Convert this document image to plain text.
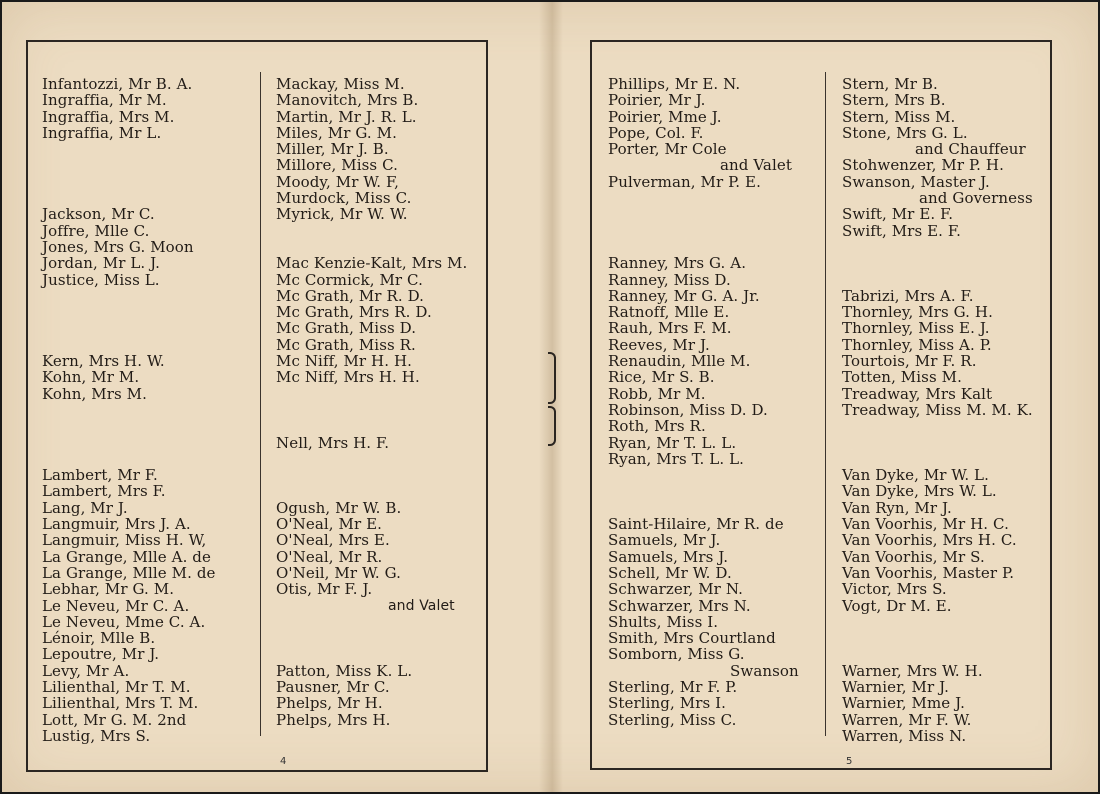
Infantozzi, Mr B. A.
Ingraffia, Mr M.
Ingraffia, Mrs M.
Ingraffia, Mr L.
Jackson, Mr C.
Joffre, Mlle C.
Jones, Mrs G. Moon
Jordan, Mr L. J.
Justice, Miss L.
Kern, Mrs H. W.
Kohn, Mr M.
Kohn, Mrs M.
Lambert, Mr F.
Lambert, Mrs F.
Lang, Mr J.
Langmuir, Mrs J. A.
Langmuir, Miss H. W,
La Grange, Mlle A. de
La Grange, Mlle M. de
Lebhar, Mr G. M.
Le Neveu, Mr C. A.
Le Neveu, Mme C. A.
Lénoir, Mlle B.
Lepoutre, Mr J.
Levy, Mr A.
Lilienthal, Mr T. M.
Lilienthal, Mrs T. M.
Lott, Mr G. M. 2nd
Lustig, Mrs S.
Mackay, Miss M.
Manovitch, Mrs B.
Martin, Mr J. R. L.
Miles, Mr G. M.
Miller, Mr J. B.
Millore, Miss C.
Moody, Mr W. F,
Murdock, Miss C.
Myrick, Mr W. W.
Mac Kenzie-Kalt, Mrs M.
Mc Cormick, Mr C.
Mc Grath, Mr R. D.
Mc Grath, Mrs R. D.
Mc Grath, Miss D.
Mc Grath, Miss R.
Mc Niff, Mr H. H.
Mc Niff, Mrs H. H.
Nell, Mrs H. F.
Ogush, Mr W. B.
O'Neal, Mr E.
O'Neal, Mrs E.
O'Neal, Mr R.
O'Neil, Mr W. G.
Otis, Mr F. J.
and Valet
Patton, Miss K. L.
Pausner, Mr C.
Phelps, Mr H.
Phelps, Mrs H.
4
Phillips, Mr E. N.
Poirier, Mr J.
Poirier, Mme J.
Pope, Col. F.
Porter, Mr Cole
and Valet
Pulverman, Mr P. E.
Ranney, Mrs G. A.
Ranney, Miss D.
Ranney, Mr G. A. Jr.
Ratnoff, Mlle E.
Rauh, Mrs F. M.
Reeves, Mr J.
Renaudin, Mlle M.
Rice, Mr S. B.
Robb, Mr M.
Robinson, Miss D. D.
Roth, Mrs R.
Ryan, Mr T. L. L.
Ryan, Mrs T. L. L.
Saint-Hilaire, Mr R. de
Samuels, Mr J.
Samuels, Mrs J.
Schell, Mr W. D.
Schwarzer, Mr N.
Schwarzer, Mrs N.
Shults, Miss I.
Smith, Mrs Courtland
Somborn, Miss G.
Swanson
Sterling, Mr F. P.
Sterling, Mrs I.
Sterling, Miss C.
Stern, Mr B.
Stern, Mrs B.
Stern, Miss M.
Stone, Mrs G. L.
and Chauffeur
Stohwenzer, Mr P. H.
Swanson, Master J.
and Governess
Swift, Mr E. F.
Swift, Mrs E. F.
Tabrizi, Mrs A. F.
Thornley, Mrs G. H.
Thornley, Miss E. J.
Thornley, Miss A. P.
Tourtois, Mr F. R.
Totten, Miss M.
Treadway, Mrs Kalt
Treadway, Miss M. M. K.
Van Dyke, Mr W. L.
Van Dyke, Mrs W. L.
Van Ryn, Mr J.
Van Voorhis, Mr H. C.
Van Voorhis, Mrs H. C.
Van Voorhis, Mr S.
Van Voorhis, Master P.
Victor, Mrs S.
Vogt, Dr M. E.
Warner, Mrs W. H.
Warnier, Mr J.
Warnier, Mme J.
Warren, Mr F. W.
Warren, Miss N.
5
